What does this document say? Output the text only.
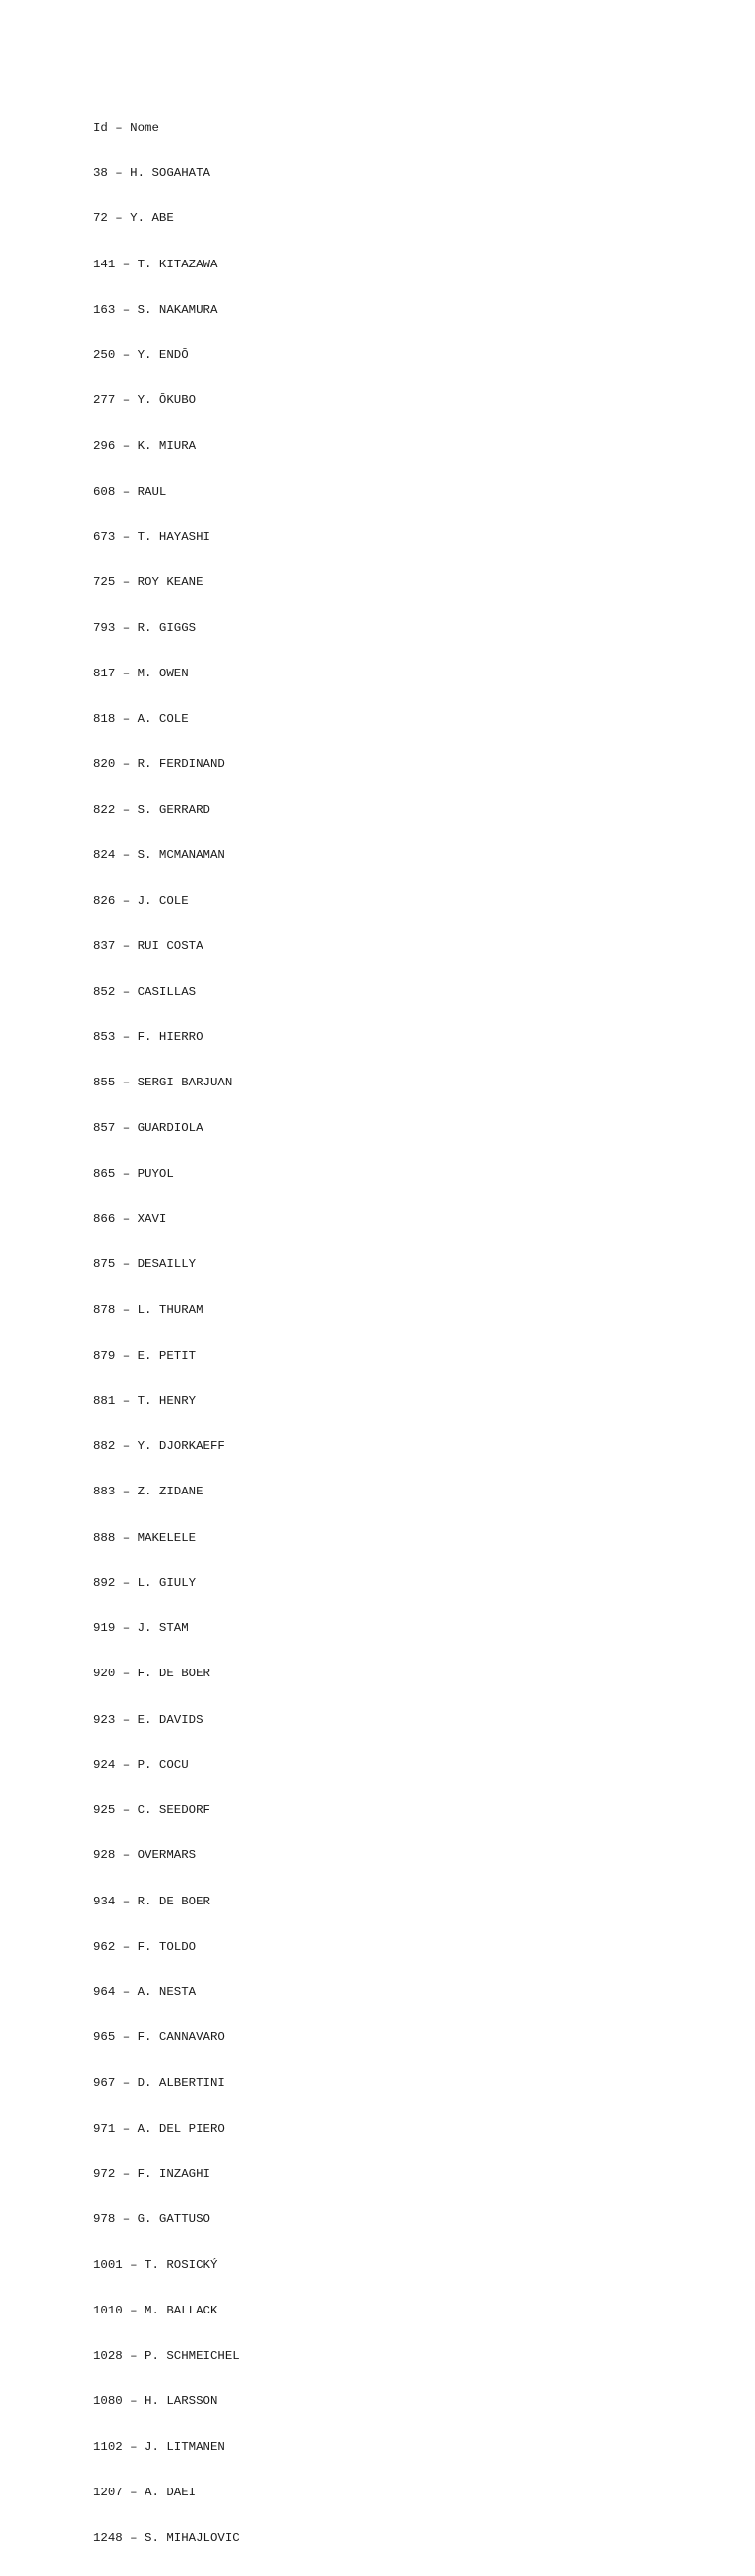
Id – Nome

38 – H. SOGAHATA

72 – Y. ABE

141 – T. KITAZAWA

163 – S. NAKAMURA

250 – Y. ENDŌ

277 – Y. ŌKUBO

296 – K. MIURA

608 – RAUL

673 – T. HAYASHI

725 – ROY KEANE

793 – R. GIGGS

817 – M. OWEN

818 – A. COLE

820 – R. FERDINAND

822 – S. GERRARD

824 – S. MCMANAMAN

826 – J. COLE

837 – RUI COSTA

852 – CASILLAS

853 – F. HIERRO

855 – SERGI BARJUAN

857 – GUARDIOLA

865 – PUYOL

866 – XAVI

875 – DESAILLY

878 – L. THURAM

879 – E. PETIT

881 – T. HENRY

882 – Y. DJORKAEFF

883 – Z. ZIDANE

888 – MAKELELE

892 – L. GIULY

919 – J. STAM

920 – F. DE BOER

923 – E. DAVIDS

924 – P. COCU

925 – C. SEEDORF

928 – OVERMARS

934 – R. DE BOER

962 – F. TOLDO

964 – A. NESTA

965 – F. CANNAVARO

967 – D. ALBERTINI

971 – A. DEL PIERO

972 – F. INZAGHI

978 – G. GATTUSO

1001 – T. ROSICKÝ

1010 – M. BALLACK

1028 – P. SCHMEICHEL

1080 – H. LARSSON

1102 – J. LITMANEN

1207 – A. DAEI

1248 – S. MIHAJLOVIC
